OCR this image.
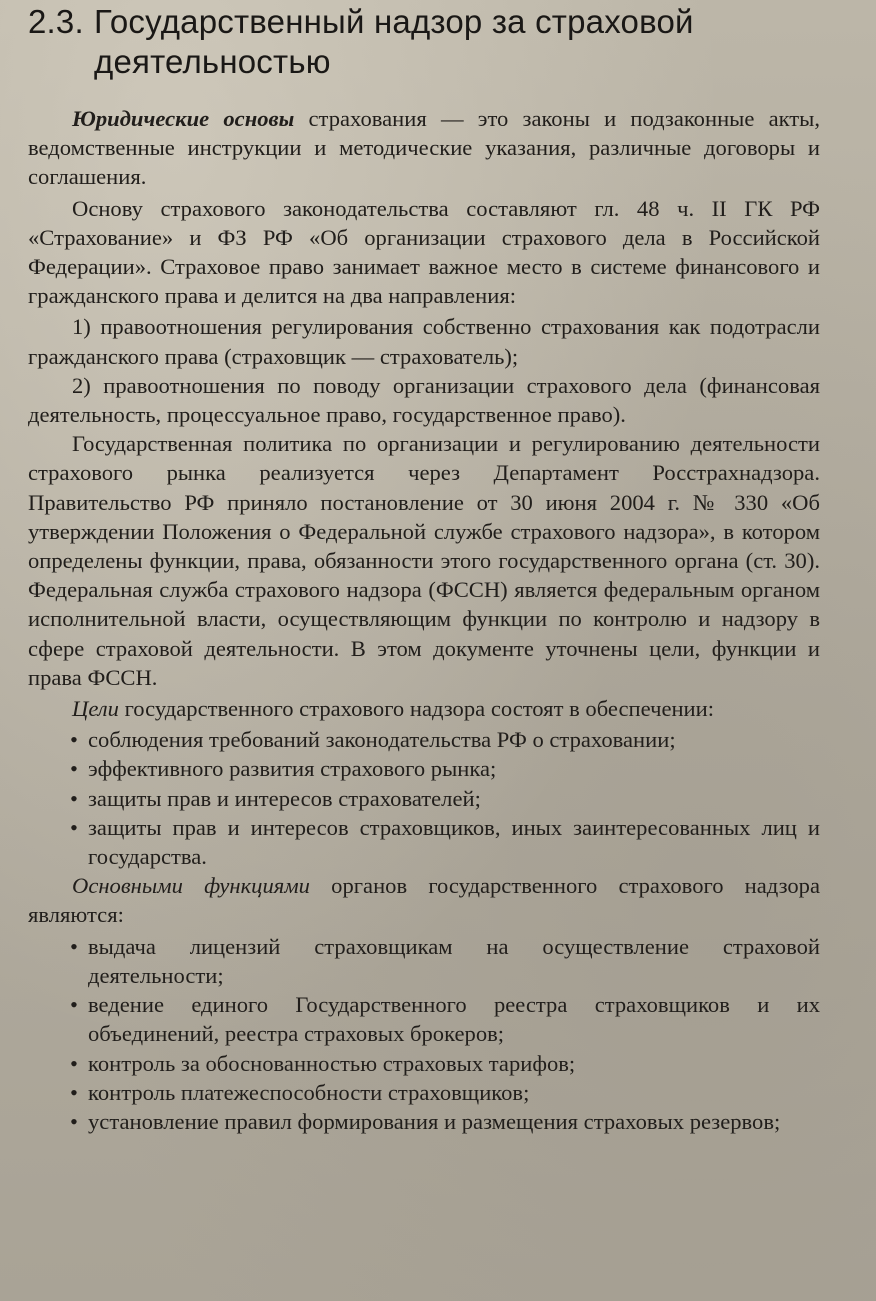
2.3. Государственный надзор за страховой
деятельностью

Юридические основы страхования — это законы и подзаконные акты, ведомственные инструкции и методические указания, различные договоры и соглашения.

Основу страхового законодательства составляют гл. 48 ч. II ГК РФ «Страхование» и ФЗ РФ «Об организации страхового дела в Российской Федерации». Страховое право занимает важное место в системе финансового и гражданского права и делится на два направления:

1) правоотношения регулирования собственно страхования как подотрасли гражданского права (страховщик — страхователь);

2) правоотношения по поводу организации страхового дела (финансовая деятельность, процессуальное право, государственное право).

Государственная политика по организации и регулированию деятельности страхового рынка реализуется через Департамент Росстрахнадзора. Правительство РФ приняло постановление от 30 июня 2004 г. № 330 «Об утверждении Положения о Федеральной службе страхового надзора», в котором определены функции, права, обязанности этого государственного органа (ст. 30). Федеральная служба страхового надзора (ФССН) является федеральным органом исполнительной власти, осуществляющим функции по контролю и надзору в сфере страховой деятельности. В этом документе уточнены цели, функции и права ФССН.

Цели государственного страхового надзора состоят в обеспечении:

• соблюдения требований законодательства РФ о страховании;
• эффективного развития страхового рынка;
• защиты прав и интересов страхователей;
• защиты прав и интересов страховщиков, иных заинтересованных лиц и государства.

Основными функциями органов государственного страхового надзора являются:

• выдача лицензий страховщикам на осуществление страховой деятельности;
• ведение единого Государственного реестра страховщиков и их объединений, реестра страховых брокеров;
• контроль за обоснованностью страховых тарифов;
• контроль платежеспособности страховщиков;
• установление правил формирования и размещения страховых резервов;
